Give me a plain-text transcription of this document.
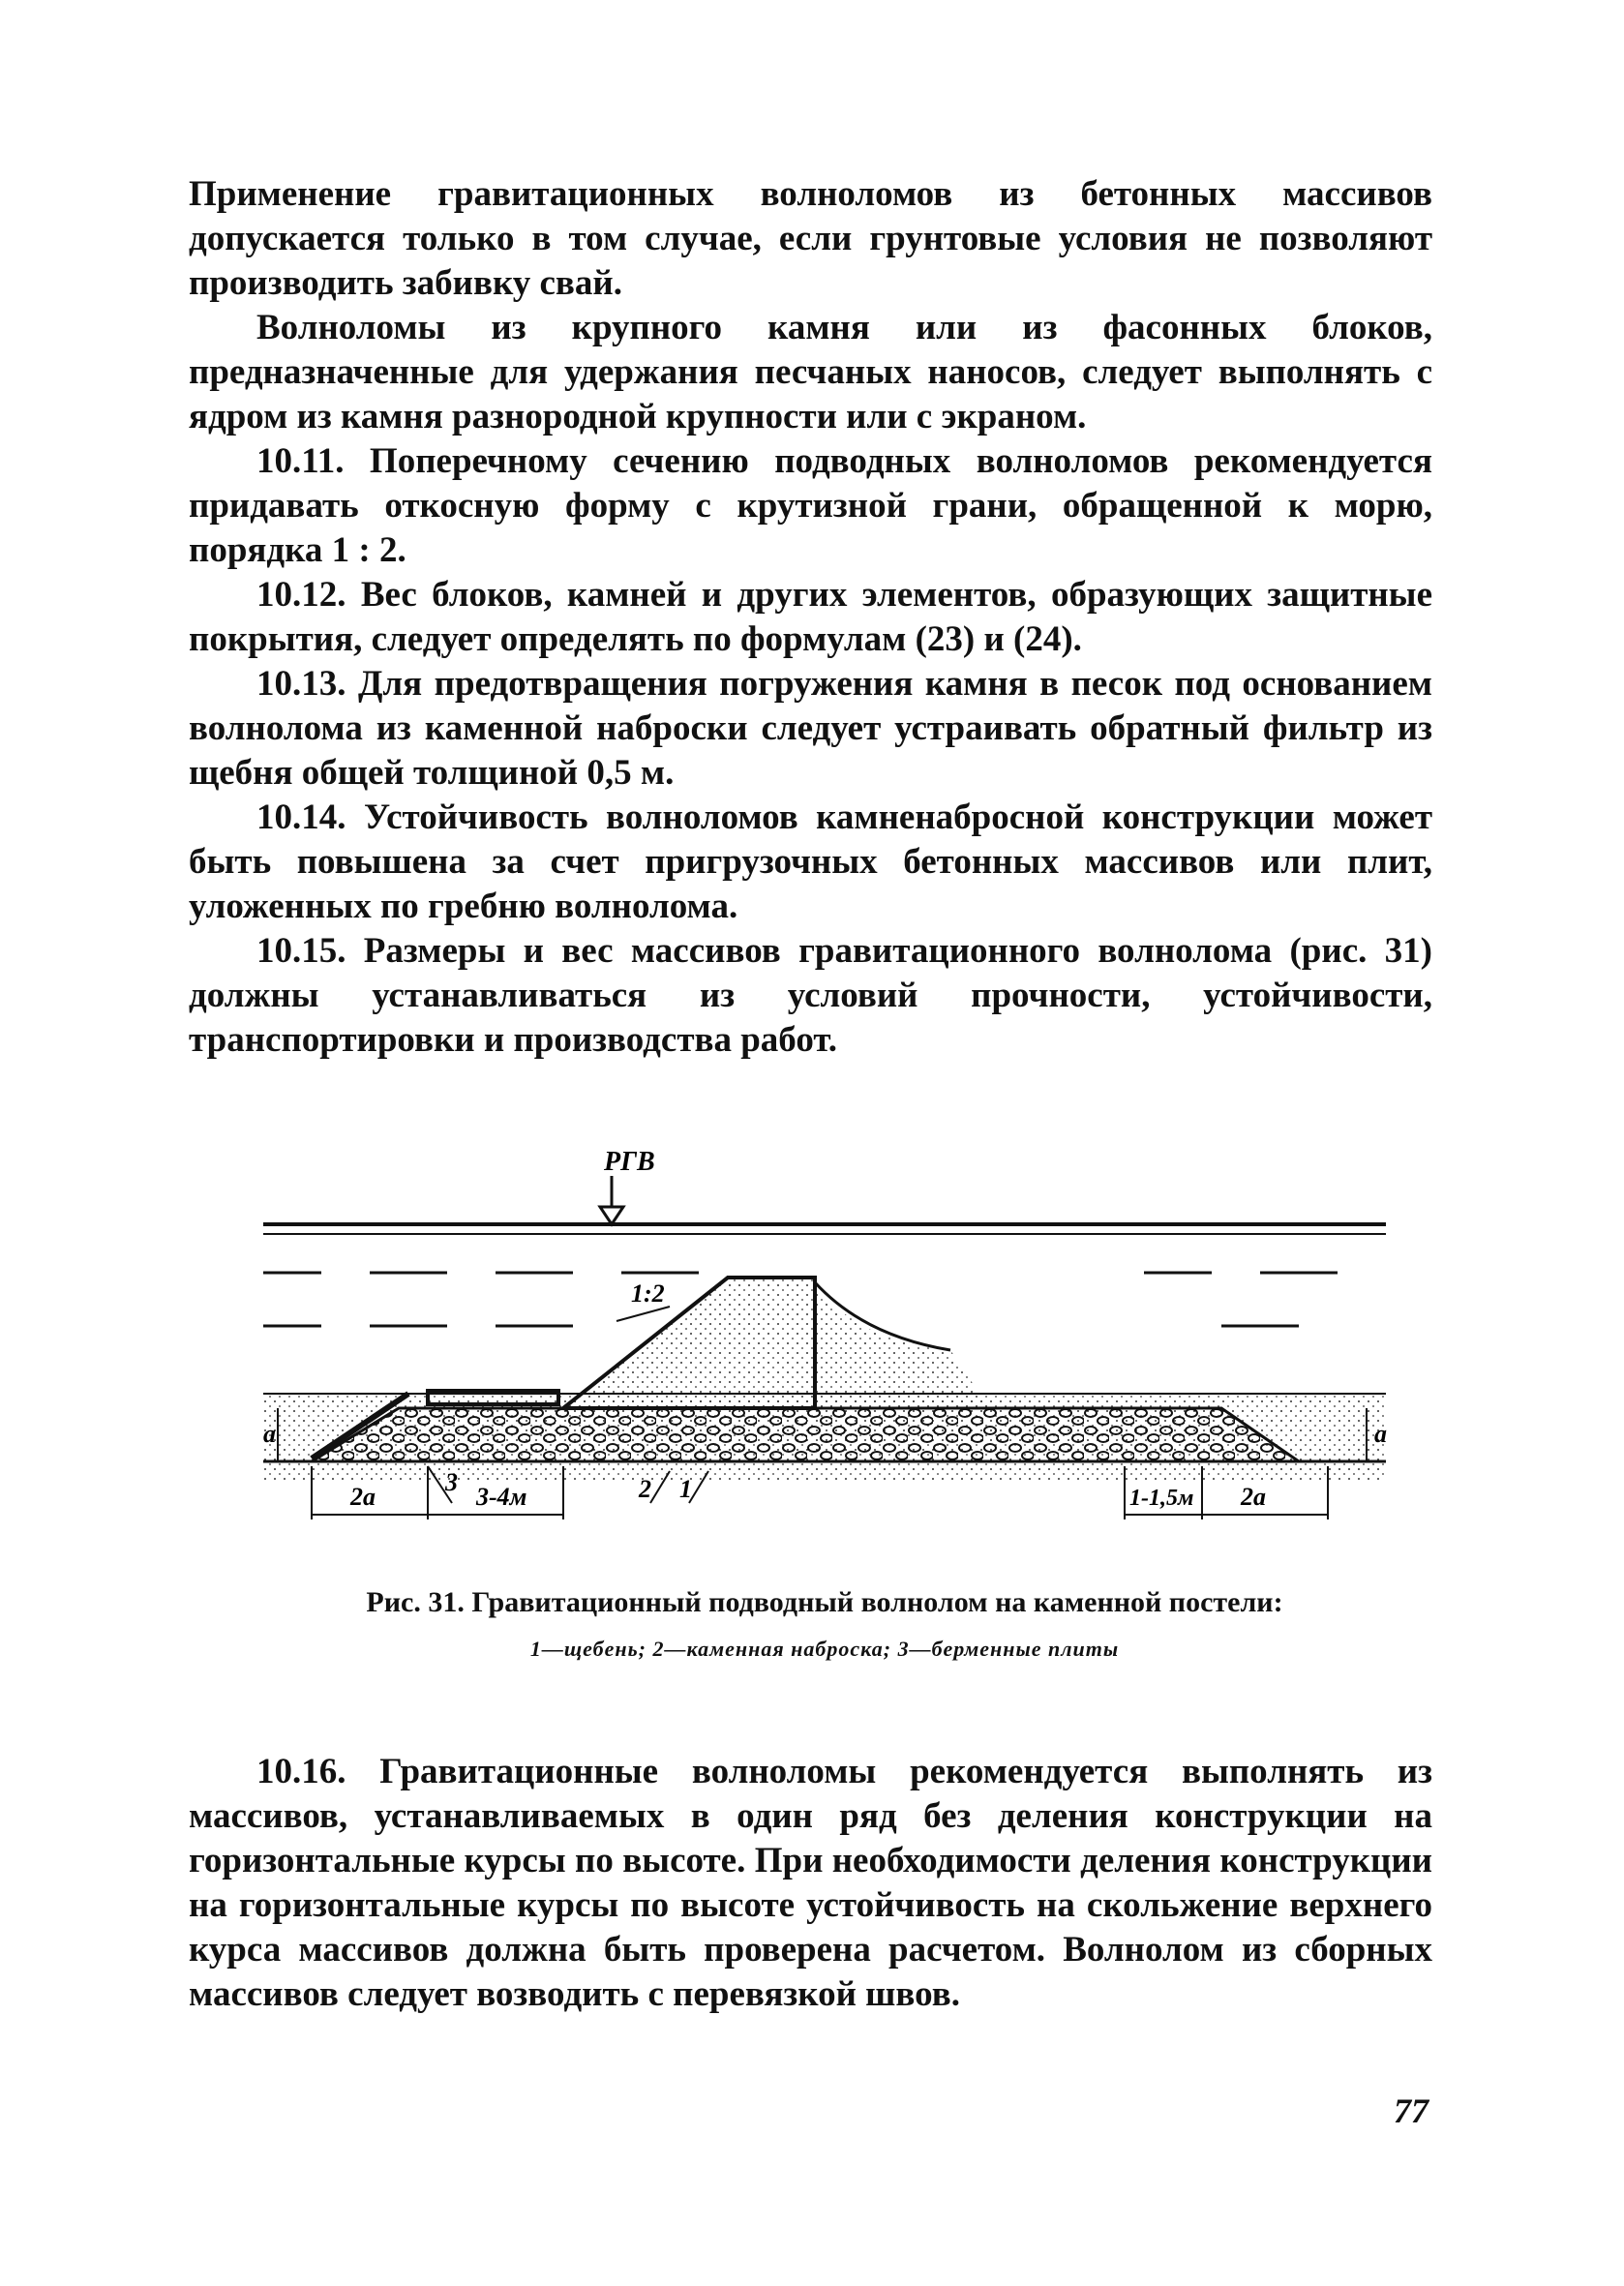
Применение гравитационных волноломов из бетонных массивов допускается только в том случае, если грунтовые условия не позволяют производить забивку свай.

Волноломы из крупного камня или из фасонных блоков, предназначенные для удержания песчаных наносов, следует выполнять с ядром из камня разнородной крупности или с экраном.

10.11. Поперечному сечению подводных волноломов рекомендуется придавать откосную форму с крутизной грани, обращенной к морю, порядка 1 : 2.

10.12. Вес блоков, камней и других элементов, образующих защитные покрытия, следует определять по формулам (23) и (24).

10.13. Для предотвращения погружения камня в песок под основанием волнолома из каменной наброски следует устраивать обратный фильтр из щебня общей толщиной 0,5 м.

10.14. Устойчивость волноломов камненабросной конструкции может быть повышена за счет пригрузочных бетонных массивов или плит, уложенных по гребню волнолома.

10.15. Размеры и вес массивов гравитационного волнолома (рис. 31) должны устанавливаться из условий прочности, устойчивости, транспортировки и производства работ.

РГВ
1:2
а	а
2а	3-4м	1-1,5м 2а
3	2 1
Рис. 31. Гравитационный подводный волнолом на каменной постели:
1—щебень; 2—каменная наброска; 3—берменные плиты

10.16. Гравитационные волноломы рекомендуется выполнять из массивов, устанавливаемых в один ряд без деления конструкции на горизонтальные курсы по высоте. При необходимости деления конструкции на горизонтальные курсы по высоте устойчивость на скольжение верхнего курса массивов должна быть проверена расчетом. Волнолом из сборных массивов следует возводить с перевязкой швов.

77
